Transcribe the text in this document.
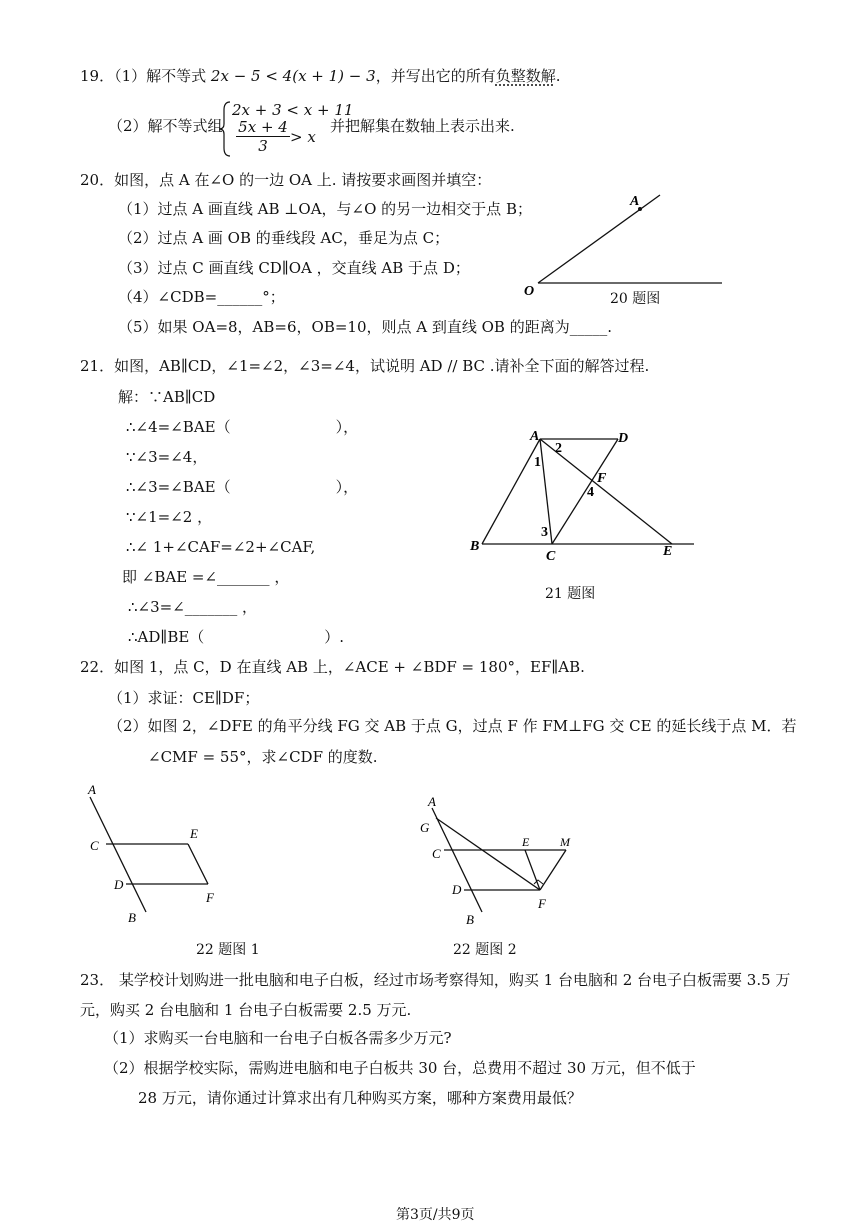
19．（1）解不等式 2x − 5 < 4(x + 1) − 3，并写出它的所有负整数解.
（2）解不等式组
2x + 3 < x + 11
$\frac{5x + 4}{3} > x$
并把解集在数轴上表示出来.
20．如图，点 A 在∠O 的一边 OA 上. 请按要求画图并填空：
（1）过点 A 画直线 AB ⊥OA，与∠O 的另一边相交于点 B；
（2）过点 A 画 OB 的垂线段 AC，垂足为点 C；
（3）过点 C 画直线 CD∥OA ，交直线 AB 于点 D；
（4）∠CDB=______°；
（5）如果 OA=8，AB=6，OB=10，则点 A 到直线 OB 的距离为_____.
A
O	20 题图
21．如图，AB∥CD，∠1=∠2，∠3=∠4，试说明 AD // BC .请补全下面的解答过程.
解：∵AB∥CD
∴∠4=∠BAE（　　　　　　　），
∵∠3=∠4，
∴∠3=∠BAE（　　　　　　　），
∵∠1=∠2 ，
∴∠ 1+∠CAF=∠2+∠CAF,
即 ∠BAE =∠_______ ，
∴∠3=∠_______ ，
∴AD∥BE（　　　　　　　　）.
A	D
B
C	E
F
1
2
3
4
21 题图
22．如图 1，点 C，D 在直线 AB 上，∠ACE + ∠BDF = 180°，EF∥AB.
（1）求证：CE∥DF；
（2）如图 2，∠DFE 的角平分线 FG 交 AB 于点 G，过点 F 作 FM⊥FG 交 CE 的延长线于点 M．若
∠CMF = 55°，求∠CDF 的度数.
A
C
E
D
F
B
22 题图 1
A
G
C
E	M
D
F
B
22 题图 2
23． 某学校计划购进一批电脑和电子白板，经过市场考察得知，购买 1 台电脑和 2 台电子白板需要 3.5 万
元，购买 2 台电脑和 1 台电子白板需要 2.5 万元.
（1）求购买一台电脑和一台电子白板各需多少万元?
（2）根据学校实际，需购进电脑和电子白板共 30 台，总费用不超过 30 万元，但不低于
28 万元，请你通过计算求出有几种购买方案，哪种方案费用最低？
第3页/共9页
